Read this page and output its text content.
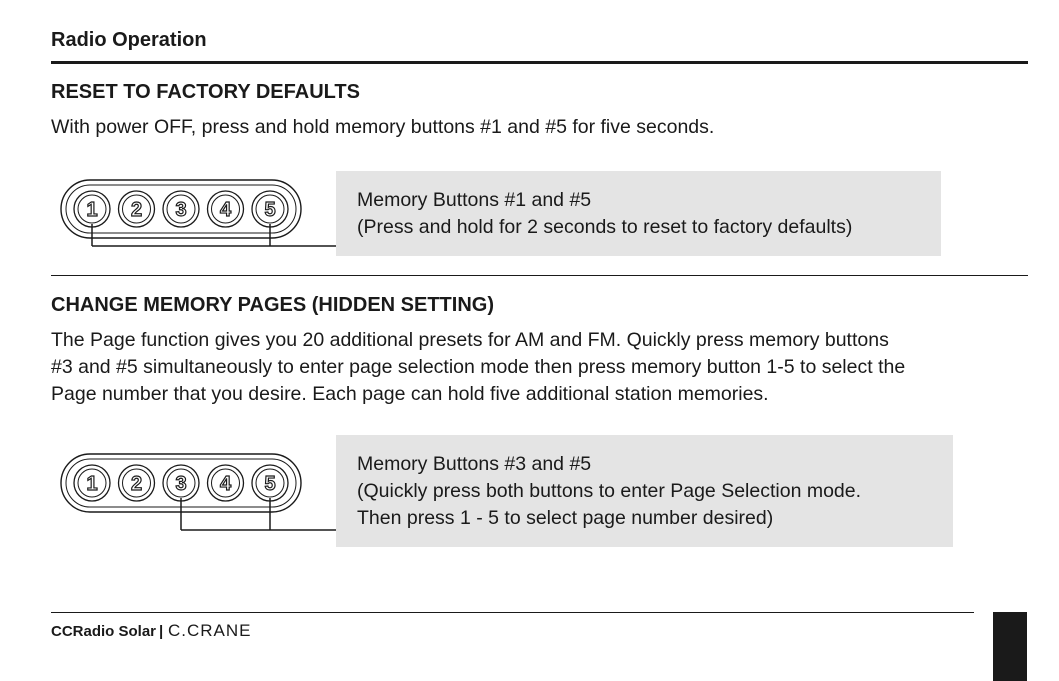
Radio Operation
RESET TO FACTORY DEFAULTS
With power OFF, press and hold memory buttons #1 and #5 for five seconds.
1 2 3 4 5	Memory Buttons #1 and #5
(Press and hold for 2 seconds to reset to factory defaults)
CHANGE MEMORY PAGES (HIDDEN SETTING)
The Page function gives you 20 additional presets for AM and FM. Quickly press memory buttons
#3 and #5 simultaneously to enter page selection mode then press memory button 1-5 to select the
Page number that you desire. Each page can hold five additional station memories.
1 2 3 4 5
Memory Buttons #3 and #5
(Quickly press both buttons to enter Page Selection mode.
Then press 1 - 5 to select page number desired)
CCRadio Solar | C.CRANE
